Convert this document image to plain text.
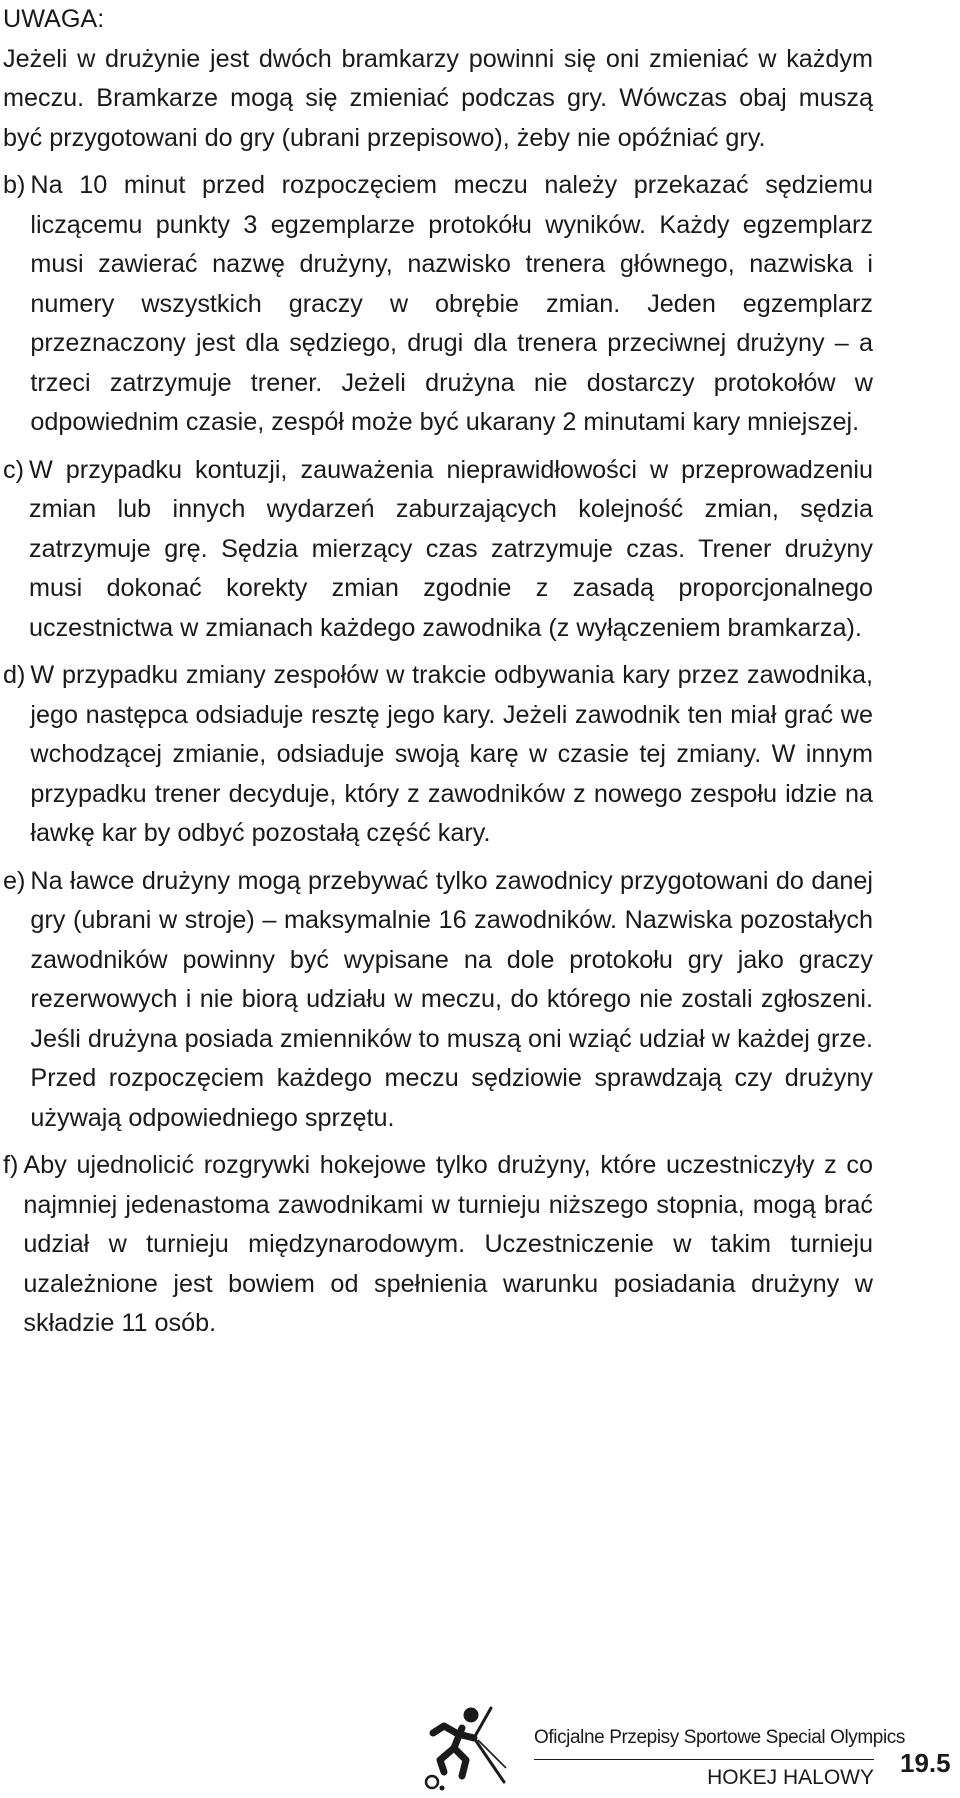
UWAGA:

Jeżeli w drużynie jest dwóch bramkarzy powinni się oni zmieniać w każdym meczu. Bramkarze mogą się zmieniać podczas gry. Wówczas obaj muszą być przygotowani do gry (ubrani przepisowo), żeby nie opóźniać gry.

b) Na 10 minut przed rozpoczęciem meczu należy przekazać sędziemu liczącemu punkty 3 egzemplarze protokółu wyników. Każdy egzemplarz musi zawierać nazwę drużyny, nazwisko trenera głównego, nazwiska i numery wszystkich graczy w obrębie zmian. Jeden egzemplarz przeznaczony jest dla sędziego, drugi dla trenera przeciwnej drużyny – a trzeci zatrzymuje trener. Jeżeli drużyna nie dostarczy protokołów w odpowiednim czasie, zespół może być ukarany 2 minutami kary mniejszej.
c) W przypadku kontuzji, zauważenia nieprawidłowości w przeprowadzeniu zmian lub innych wydarzeń zaburzających kolejność zmian, sędzia zatrzymuje grę. Sędzia mierzący czas zatrzymuje czas. Trener drużyny musi dokonać korekty zmian zgodnie z zasadą proporcjonalnego uczestnictwa w zmianach każdego zawodnika (z wyłączeniem bramkarza).
d) W przypadku zmiany zespołów w trakcie odbywania kary przez zawodnika, jego następca odsiaduje resztę jego kary. Jeżeli zawodnik ten miał grać we wchodzącej zmianie, odsiaduje swoją karę w czasie tej zmiany. W innym przypadku trener decyduje, który z zawodników z nowego zespołu idzie na ławkę kar by odbyć pozostałą część kary.
e) Na ławce drużyny mogą przebywać tylko zawodnicy przygotowani do danej gry (ubrani w stroje) – maksymalnie 16 zawodników. Nazwiska pozostałych zawodników powinny być wypisane na dole protokołu gry jako graczy rezerwowych i nie biorą udziału w meczu, do którego nie zostali zgłoszeni. Jeśli drużyna posiada zmienników to muszą oni wziąć udział w każdej grze. Przed rozpoczęciem każdego meczu sędziowie sprawdzają czy drużyny używają odpowiedniego sprzętu.
f) Aby ujednolicić rozgrywki hokejowe tylko drużyny, które uczestniczyły z co najmniej jedenastoma zawodnikami w turnieju niższego stopnia, mogą brać udział w turnieju międzynarodowym. Uczestniczenie w takim turnieju uzależnione jest bowiem od spełnienia warunku posiadania drużyny w składzie 11 osób.
Oficjalne Przepisy Sportowe Special Olympics
HOKEJ HALOWY 19.5
